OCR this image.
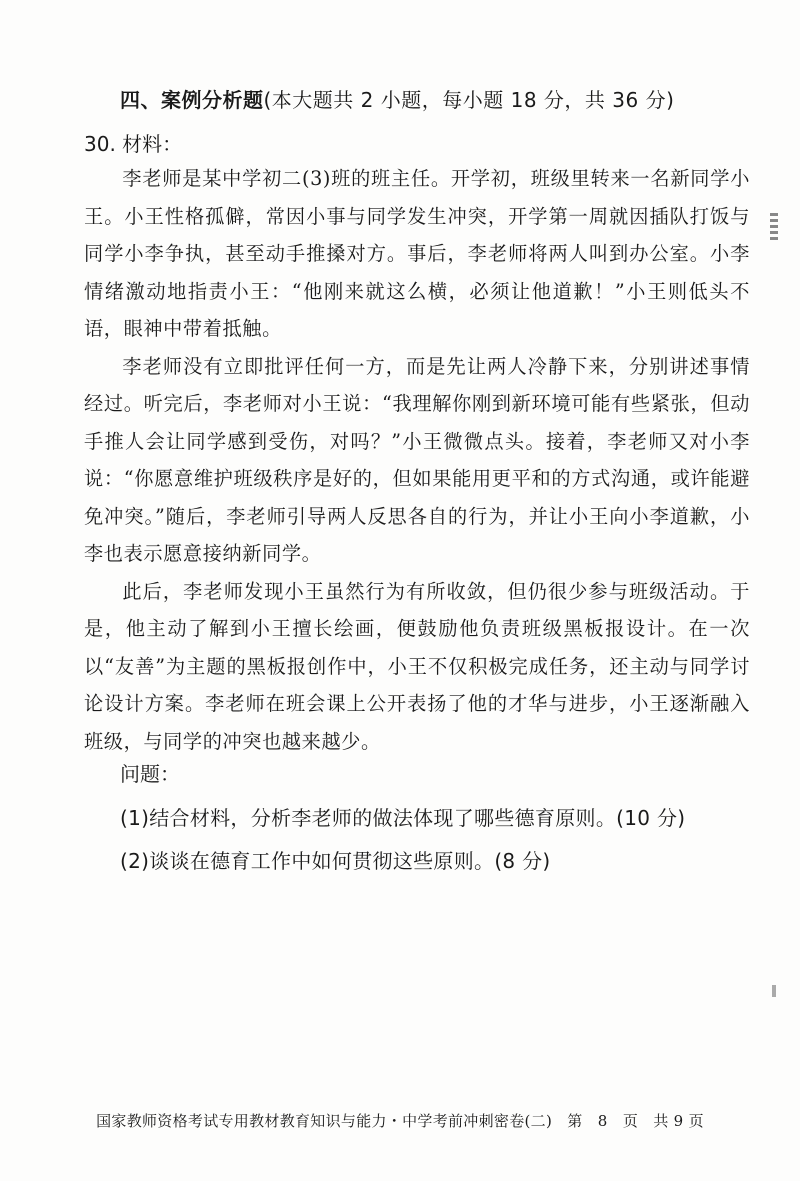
四、案例分析题(本大题共 2 小题，每小题 18 分，共 36 分)
30. 材料：

李老师是某中学初二(3)班的班主任。开学初，班级里转来一名新同学小王。小王性格孤僻，常因小事与同学发生冲突，开学第一周就因插队打饭与同学小李争执，甚至动手推搡对方。事后，李老师将两人叫到办公室。小李情绪激动地指责小王：“他刚来就这么横，必须让他道歉！”小王则低头不语，眼神中带着抵触。

李老师没有立即批评任何一方，而是先让两人冷静下来，分别讲述事情经过。听完后，李老师对小王说：“我理解你刚到新环境可能有些紧张，但动手推人会让同学感到受伤，对吗？”小王微微点头。接着，李老师又对小李说：“你愿意维护班级秩序是好的，但如果能用更平和的方式沟通，或许能避免冲突。”随后，李老师引导两人反思各自的行为，并让小王向小李道歉，小李也表示愿意接纳新同学。

此后，李老师发现小王虽然行为有所收敛，但仍很少参与班级活动。于是，他主动了解到小王擅长绘画，便鼓励他负责班级黑板报设计。在一次以“友善”为主题的黑板报创作中，小王不仅积极完成任务，还主动与同学讨论设计方案。李老师在班会课上公开表扬了他的才华与进步，小王逐渐融入班级，与同学的冲突也越来越少。

问题：
(1)结合材料，分析李老师的做法体现了哪些德育原则。(10 分)
(2)谈谈在德育工作中如何贯彻这些原则。(8 分)
国家教师资格考试专用教材教育知识与能力・中学考前冲刺密卷(二) 第　8　页 共 9 页
